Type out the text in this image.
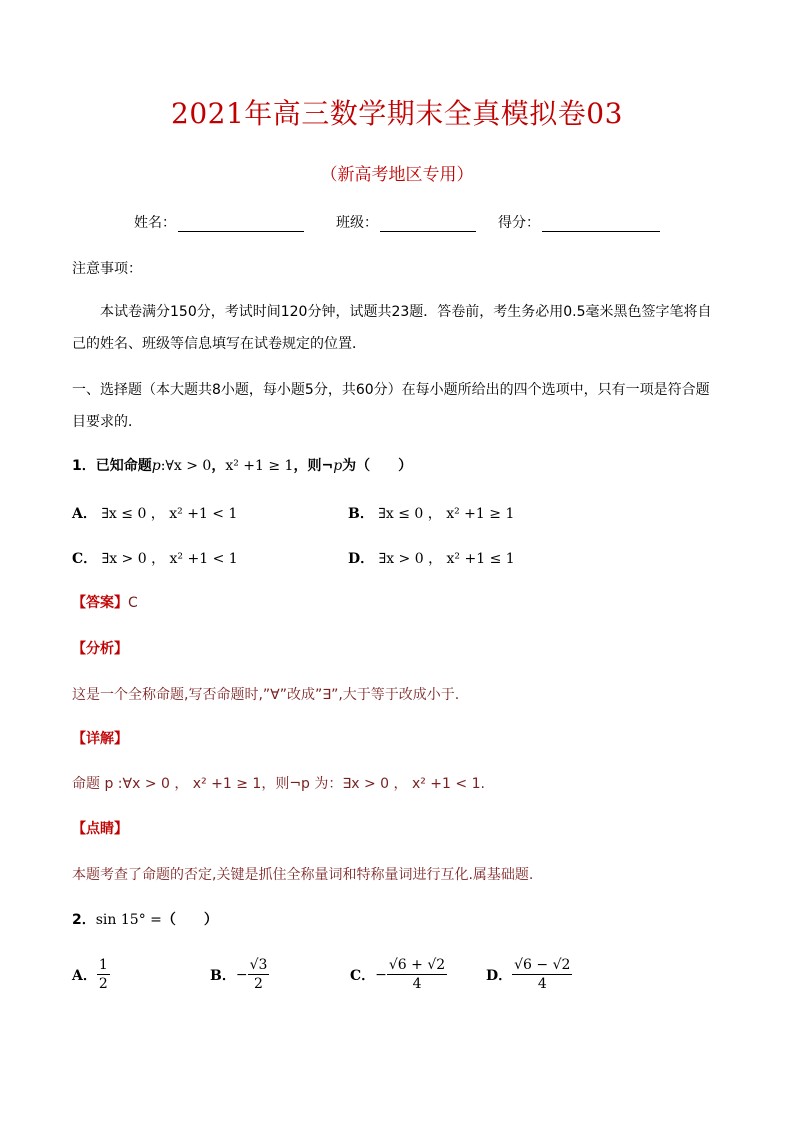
2021年高三数学期末全真模拟卷03
（新高考地区专用）
姓名：	班级：	得分：
注意事项：
本试卷满分150分，考试时间120分钟，试题共23题．答卷前，考生务必用0.5毫米黑色签字笔将自
己的姓名、班级等信息填写在试卷规定的位置．
一、选择题（本大题共8小题，每小题5分，共60分）在每小题所给出的四个选项中，只有一项是符合题
目要求的．
1．已知命题p:∀x > 0，x² +1 ≥ 1，则¬p为（　　）
A． ∃x ≤ 0 ， x² +1 < 1	B． ∃x ≤ 0 ， x² +1 ≥ 1
C． ∃x > 0 ， x² +1 < 1	D． ∃x > 0 ， x² +1 ≤ 1
【答案】C
【分析】
这是一个全称命题,写否命题时,”∀”改成”∃”,大于等于改成小于.
【详解】
命题 p :∀x > 0 ， x² +1 ≥ 1，则¬p 为：∃x > 0 ， x² +1 < 1.
【点睛】
本题考查了命题的否定,关键是抓住全称量词和特称量词进行互化.属基础题.
2．sin 15° =（　　）
A． $\frac{1}{2}$	B． − $\frac{√3}{2}$	C． − $\frac{√6 + √2}{4}$	D． $\frac{√6 - √2}{4}$
